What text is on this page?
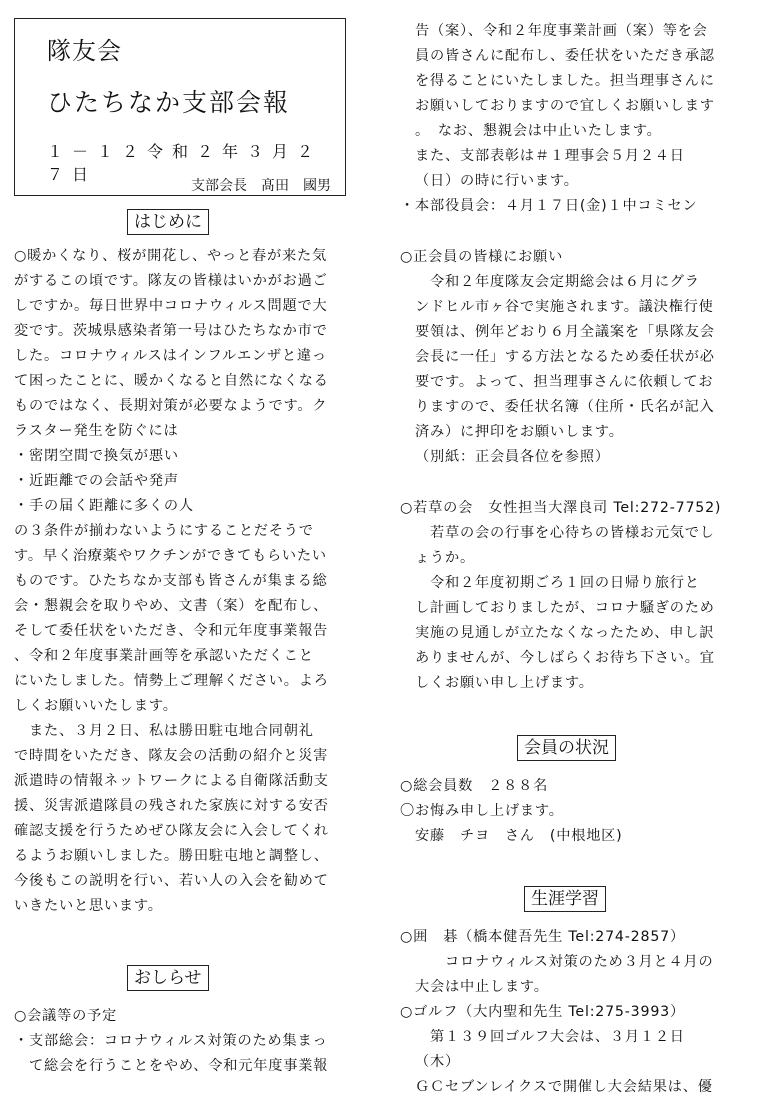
隊友会
ひたちなか支部会報
１－１２令和２年３月２７日
支部会長　髙田　國男
はじめに

○暖かくなり、桜が開花し、やっと春が来た気

がするこの頃です。隊友の皆様はいかがお過ご

しですか。毎日世界中コロナウィルス問題で大

変です。茨城県感染者第一号はひたちなか市で

した。コロナウィルスはインフルエンザと違っ

て困ったことに、暖かくなると自然になくなる

ものではなく、長期対策が必要なようです。ク

ラスター発生を防ぐには

・密閉空間で換気が悪い

・近距離での会話や発声

・手の届く距離に多くの人

の３条件が揃わないようにすることだそうで

す。早く治療薬やワクチンができてもらいたい

ものです。ひたちなか支部も皆さんが集まる総

会・懇親会を取りやめ、文書（案）を配布し、

そして委任状をいただき、令和元年度事業報告

、令和２年度事業計画等を承認いただくこと

にいたしました。情勢上ご理解ください。よろ

しくお願いいたします。

　また、３月２日、私は勝田駐屯地合同朝礼

で時間をいただき、隊友会の活動の紹介と災害

派遣時の情報ネットワークによる自衛隊活動支

援、災害派遣隊員の残された家族に対する安否

確認支援を行うためぜひ隊友会に入会してくれ

るようお願いしました。勝田駐屯地と調整し、

今後もこの説明を行い、若い人の入会を勧めて

いきたいと思います。

おしらせ

○会議等の予定

・支部総会：コロナウィルス対策のため集まっ

　て総会を行うことをやめ、令和元年度事業報

告（案）、令和２年度事業計画（案）等を会

員の皆さんに配布し、委任状をいただき承認

を得ることにいたしました。担当理事さんに

お願いしておりますので宜しくお願いします

。　なお、懇親会は中止いたします。

また、支部表彰は＃１理事会５月２４日

（日）の時に行います。

・本部役員会：４月１７日(金)１中コミセン

○正会員の皆様にお願い

令和２年度隊友会定期総会は６月にグラ

ンドヒル市ヶ谷で実施されます。議決権行使

要領は、例年どおり６月全議案を「県隊友会

会長に一任」する方法となるため委任状が必

要です。よって、担当理事さんに依頼してお

りますので、委任状名簿（住所・氏名が記入

済み）に押印をお願いします。

（別紙：正会員各位を参照）

○若草の会　女性担当大澤良司 Tel:272-7752)

若草の会の行事を心待ちの皆様お元気でし

ょうか。

令和２年度初期ごろ１回の日帰り旅行と

し計画しておりましたが、コロナ騒ぎのため

実施の見通しが立たなくなったため、申し訳

ありませんが、今しばらくお待ち下さい。宜

しくお願い申し上げます。

会員の状況

○総会員数　２８８名

〇お悔み申し上げます。

安藤　チヨ　さん　(中根地区)

生涯学習

○囲　碁（橋本健吾先生 Tel:274-2857）

コロナウィルス対策のため３月と４月の

大会は中止します。

○ゴルフ（大内聖和先生 Tel:275-3993）

第１３９回ゴルフ大会は、３月１２日

（木）

ＧＣセブンレイクスで開催し大会結果は、優
